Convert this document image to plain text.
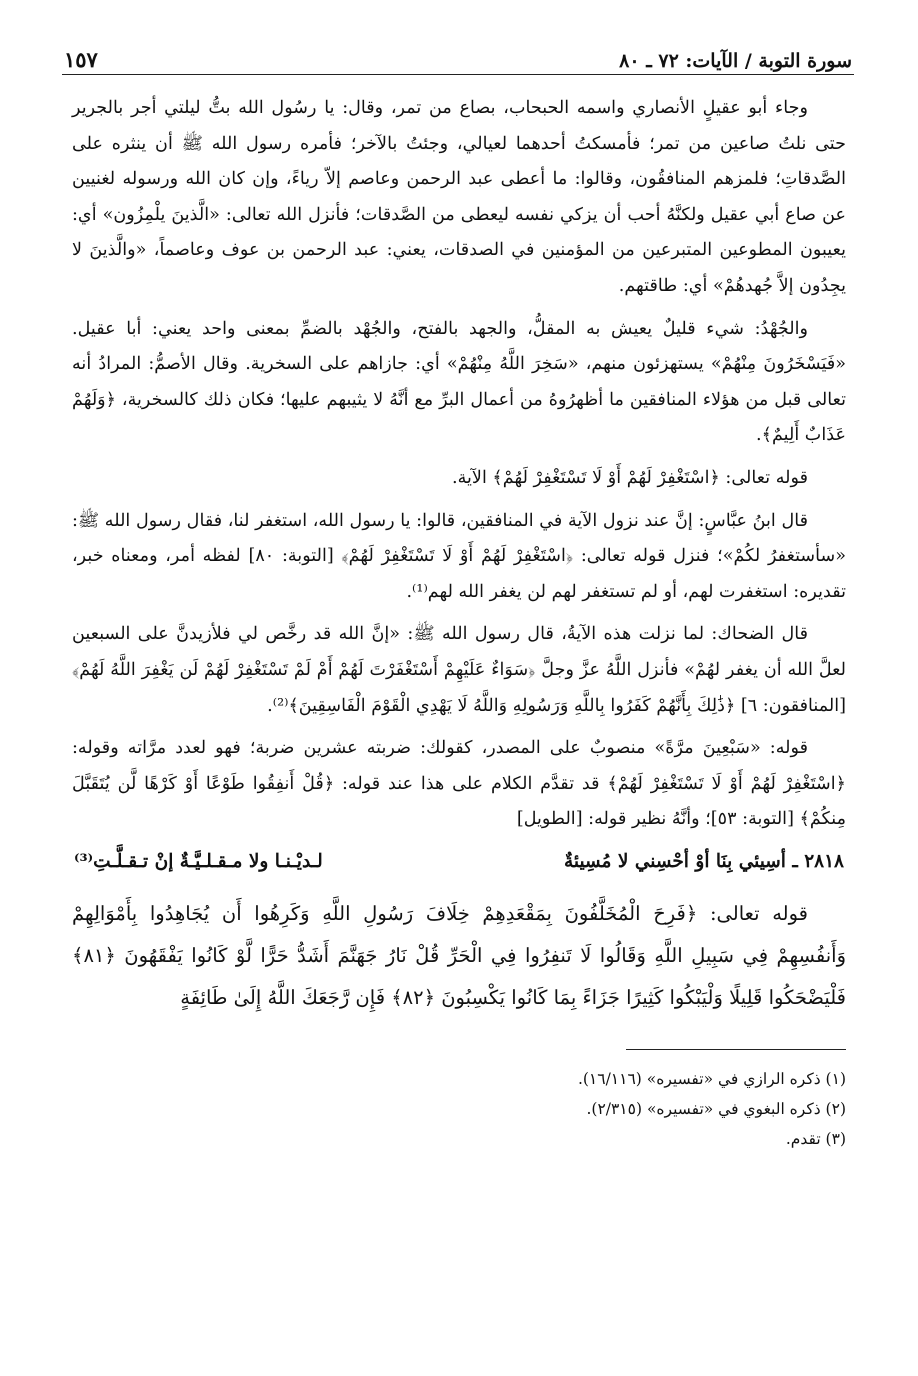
سورة التوبة / الآيات: ٧٢ ـ ٨٠
١٥٧

وجاء أبو عقيلٍ الأنصاري واسمه الحبحاب، بصاع من تمر، وقال: يا رسُول الله بتُّ ليلتي أجر بالجرير حتى نلتُ صاعين من تمر؛ فأمسكتُ أحدهما لعيالي، وجئتُ بالآخر؛ فأمره رسول الله ﷺ أن ينثره على الصَّدقاتِ؛ فلمزهم المنافقُون، وقالوا: ما أعطى عبد الرحمن وعاصم إلاّ رياءً، وإن كان الله ورسوله لغنيين عن صاع أبي عقيل ولكنَّهُ أحب أن يزكي نفسه ليعطى من الصَّدقات؛ فأنزل الله تعالى: «الَّذينَ يلْمِزُون» أي: يعيبون المطوعين المتبرعين من المؤمنين في الصدقات، يعني: عبد الرحمن بن عوف وعاصماً، «والَّذينَ لا يجِدُون إلاَّ جُهدهُمْ» أي: طاقتهم.

والجُهْدُ: شيء قليلٌ يعيش به المقلُّ، والجهد بالفتح، والجُهْد بالضمِّ بمعنى واحد يعني: أبا عقيل. «فَيَسْخَرُونَ مِنْهُمْ» يستهزئون منهم، «سَخِرَ اللَّهُ مِنْهُمْ» أي: جازاهم على السخرية. وقال الأصمُّ: المرادُ أنه تعالى قبل من هؤلاء المنافقين ما أظهرُوهُ من أعمال البرِّ مع أنَّهُ لا يثيبهم عليها؛ فكان ذلك كالسخرية، ﴿وَلَهُمْ عَذَابٌ أَلِيمٌ﴾.

قوله تعالى: ﴿اسْتَغْفِرْ لَهُمْ أَوْ لَا تَسْتَغْفِرْ لَهُمْ﴾ الآية.

قال ابنُ عبَّاسٍ: إنَّ عند نزول الآية في المنافقين، قالوا: يا رسول الله، استغفر لنا، فقال رسول الله ﷺ: «سأستغفرُ لكُمْ»؛ فنزل قوله تعالى: ﴿اسْتَغْفِرْ لَهُمْ أَوْ لَا تَسْتَغْفِرْ لَهُمْ﴾ [التوبة: ٨٠] لفظه أمر، ومعناه خبر، تقديره: استغفرت لهم، أو لم تستغفر لهم لن يغفر الله لهم⁽¹⁾.

قال الضحاك: لما نزلت هذه الآيةُ، قال رسول الله ﷺ: «إنَّ الله قد رخَّص لي فلأزيدنَّ على السبعين لعلَّ الله أن يغفر لهُمْ» فأنزل اللَّهُ عزَّ وجلَّ ﴿سَوَاءٌ عَلَيْهِمْ أَسْتَغْفَرْتَ لَهُمْ أَمْ لَمْ تَسْتَغْفِرْ لَهُمْ لَن يَغْفِرَ اللَّهُ لَهُمْ﴾ [المنافقون: ٦] ﴿ذَٰلِكَ بِأَنَّهُمْ كَفَرُوا بِاللَّهِ وَرَسُولِهِ وَاللَّهُ لَا يَهْدِي الْقَوْمَ الْفَاسِقِينَ﴾⁽²⁾.

قوله: «سَبْعِينَ مرَّةً» منصوبٌ على المصدر، كقولك: ضربته عشرين ضربة؛ فهو لعدد مرَّاته وقوله: ﴿اسْتَغْفِرْ لَهُمْ أَوْ لَا تَسْتَغْفِرْ لَهُمْ﴾ قد تقدَّم الكلام على هذا عند قوله: ﴿قُلْ أَنفِقُوا طَوْعًا أَوْ كَرْهًا لَّن يُتَقَبَّلَ مِنكُمْ﴾ [التوبة: ٥٣]؛ وأنَّهُ نظير قوله: [الطويل]

٢٨١٨ ـ أسِيئي بِنَا أوْ أحْسِني لا مُسِيئةٌ
لـديْـنـا ولا مـقـلـيَّـةٌ إنْ تـقـلَّـتِ⁽³⁾

قوله تعالى: ﴿فَرِحَ الْمُخَلَّفُونَ بِمَقْعَدِهِمْ خِلَافَ رَسُولِ اللَّهِ وَكَرِهُوا أَن يُجَاهِدُوا بِأَمْوَالِهِمْ وَأَنفُسِهِمْ فِي سَبِيلِ اللَّهِ وَقَالُوا لَا تَنفِرُوا فِي الْحَرِّ قُلْ نَارُ جَهَنَّمَ أَشَدُّ حَرًّا لَّوْ كَانُوا يَفْقَهُونَ ﴿٨١﴾ فَلْيَضْحَكُوا قَلِيلًا وَلْيَبْكُوا كَثِيرًا جَزَاءً بِمَا كَانُوا يَكْسِبُونَ ﴿٨٢﴾ فَإِن رَّجَعَكَ اللَّهُ إِلَىٰ طَائِفَةٍ

(١) ذكره الرازي في «تفسيره» (١٦/١١٦).

(٢) ذكره البغوي في «تفسيره» (٢/٣١٥).

(٣) تقدم.
